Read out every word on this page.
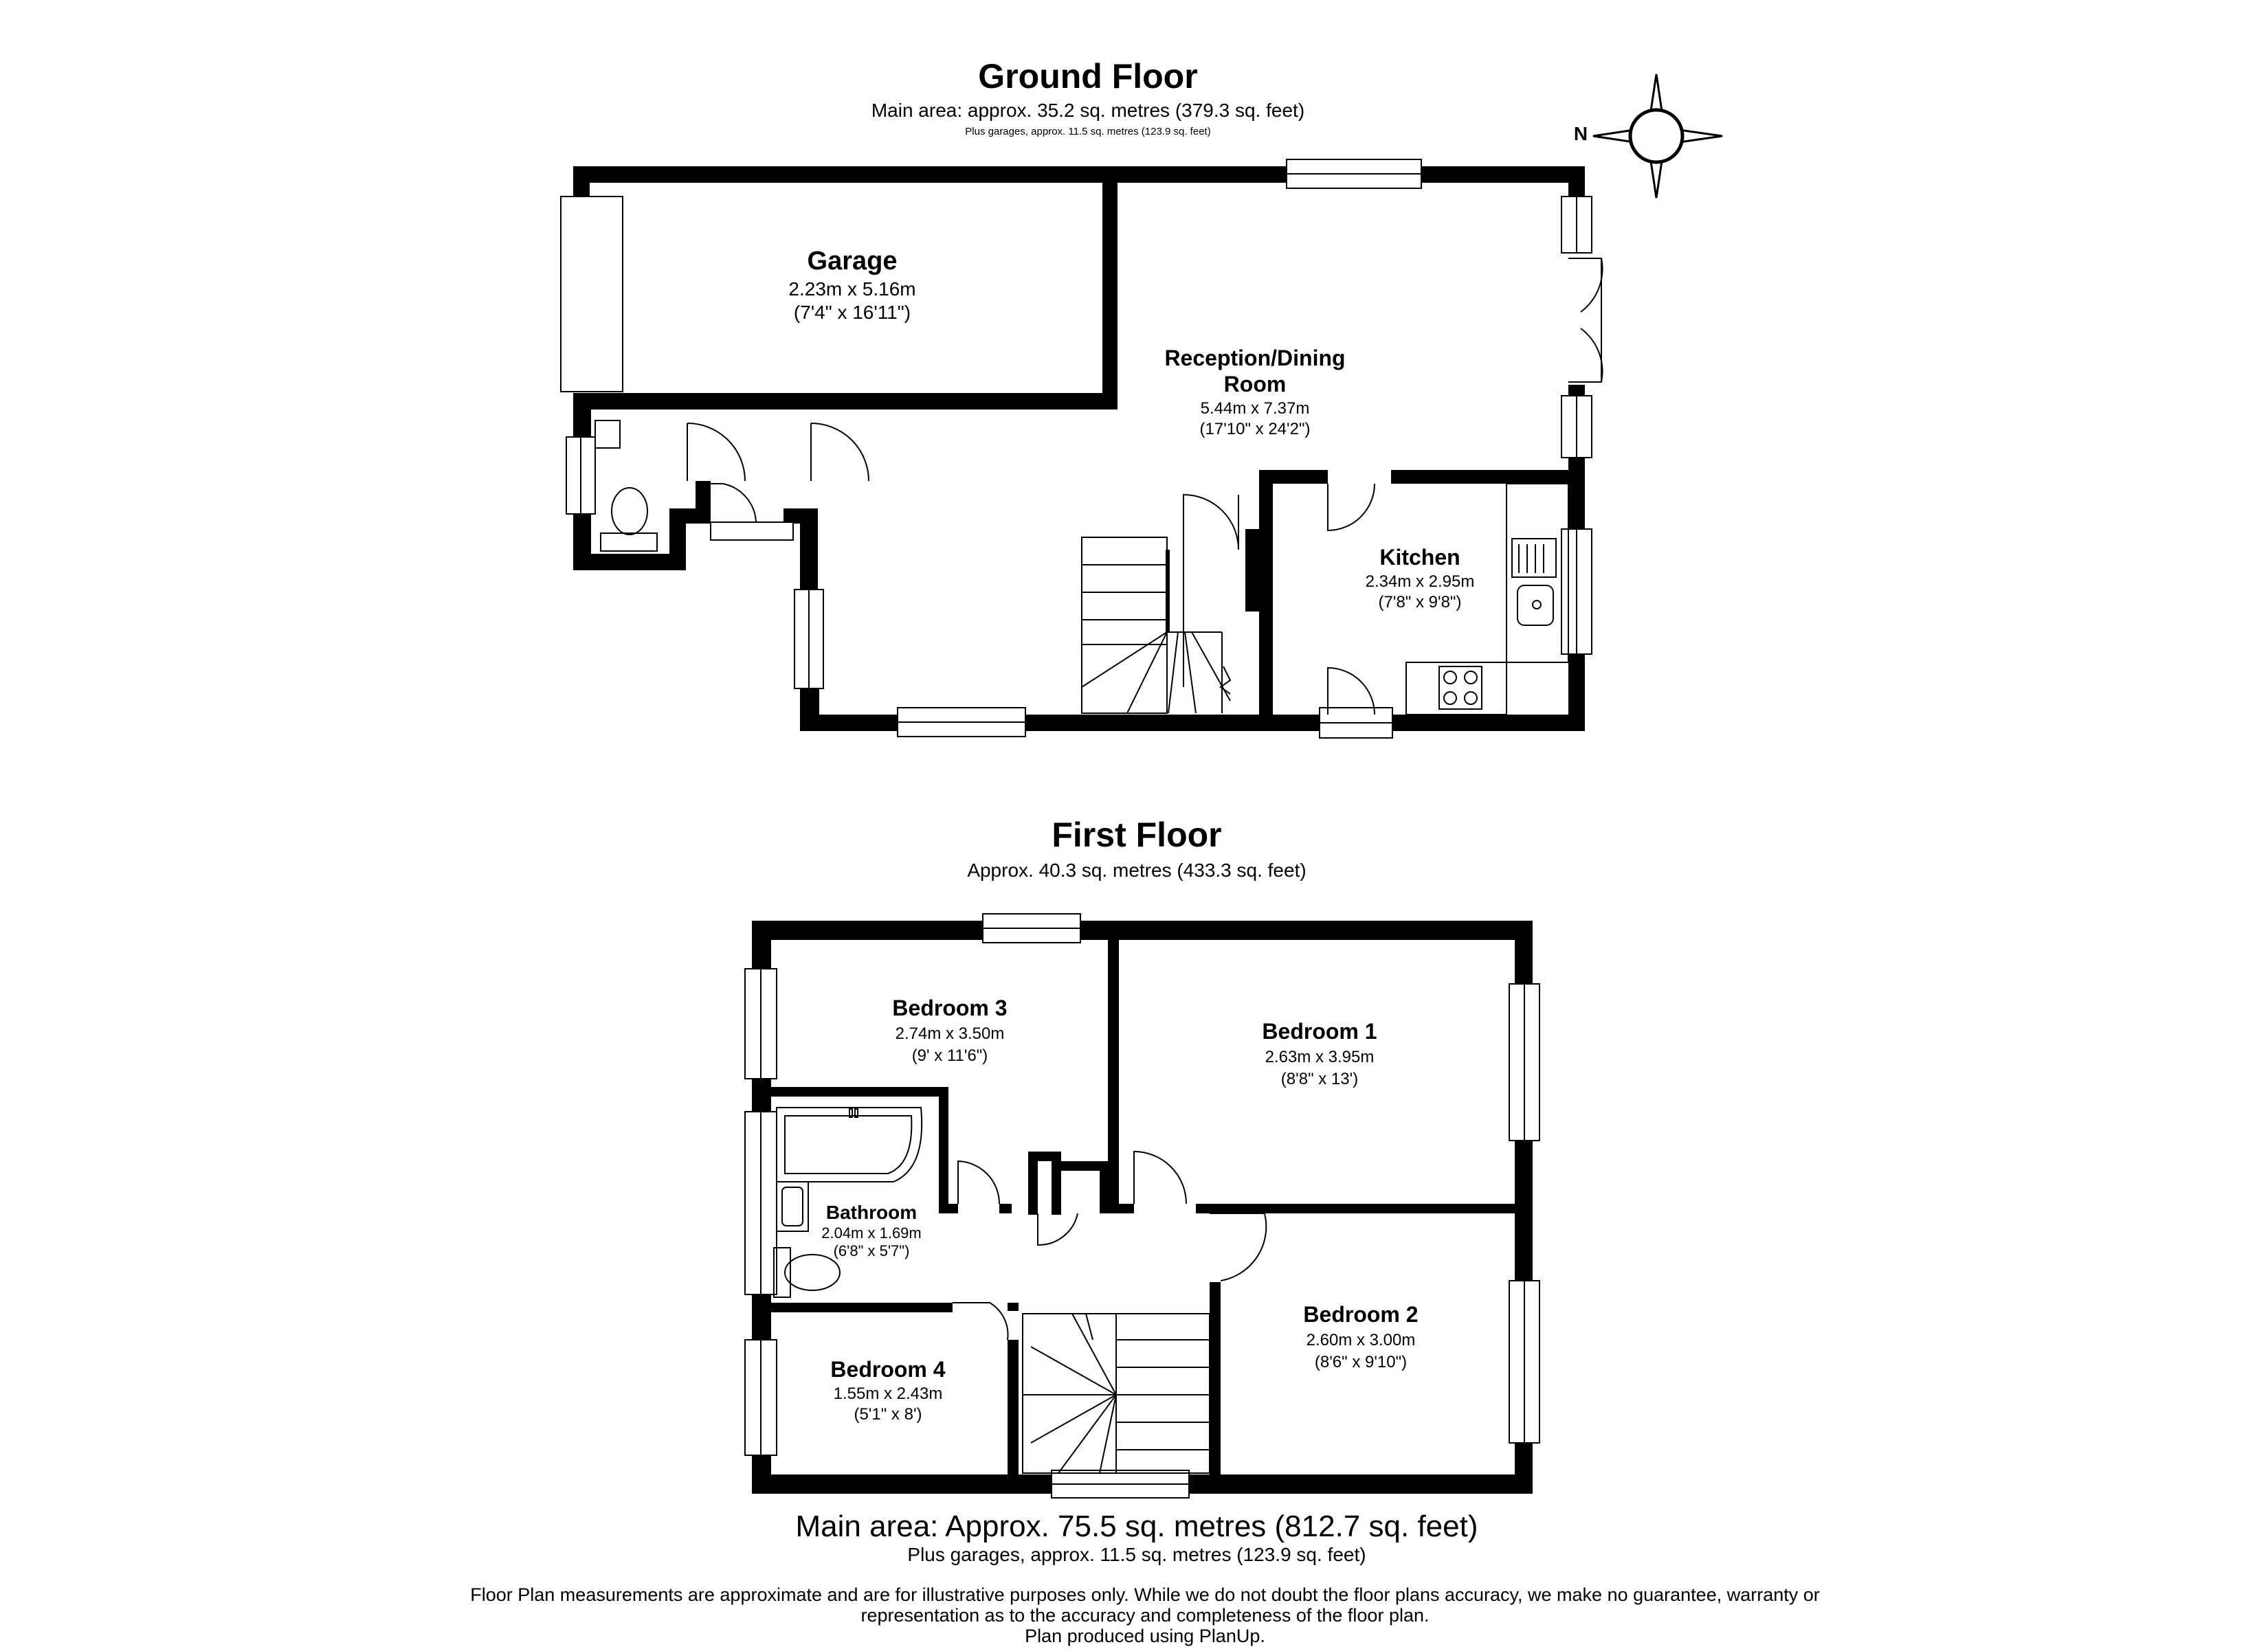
Ground Floor
Main area: approx. 35.2 sq. metres (379.3 sq. feet)
Plus garages, approx. 11.5 sq. metres (123.9 sq. feet)	N
Garage
2.23m x 5.16m
(7'4" x 16'11")
Reception/Dining
Room
5.44m x 7.37m
(17'10" x 24'2")
Kitchen
2.34m x 2.95m
(7'8" x 9'8")
First Floor
Approx. 40.3 sq. metres (433.3 sq. feet)
Bedroom 3
2.74m x 3.50m
(9' x 11'6")
Bedroom 1
2.63m x 3.95m
(8'8" x 13')
Bathroom
2.04m x 1.69m
(6'8" x 5'7")
Bedroom 2
2.60m x 3.00m
(8'6" x 9'10")
Bedroom 4
1.55m x 2.43m
(5'1" x 8')
Main area: Approx. 75.5 sq. metres (812.7 sq. feet)
Plus garages, approx. 11.5 sq. metres (123.9 sq. feet)
Floor Plan measurements are approximate and are for illustrative purposes only. While we do not doubt the floor plans accuracy, we make no guarantee, warranty or
representation as to the accuracy and completeness of the floor plan.
Plan produced using PlanUp.
